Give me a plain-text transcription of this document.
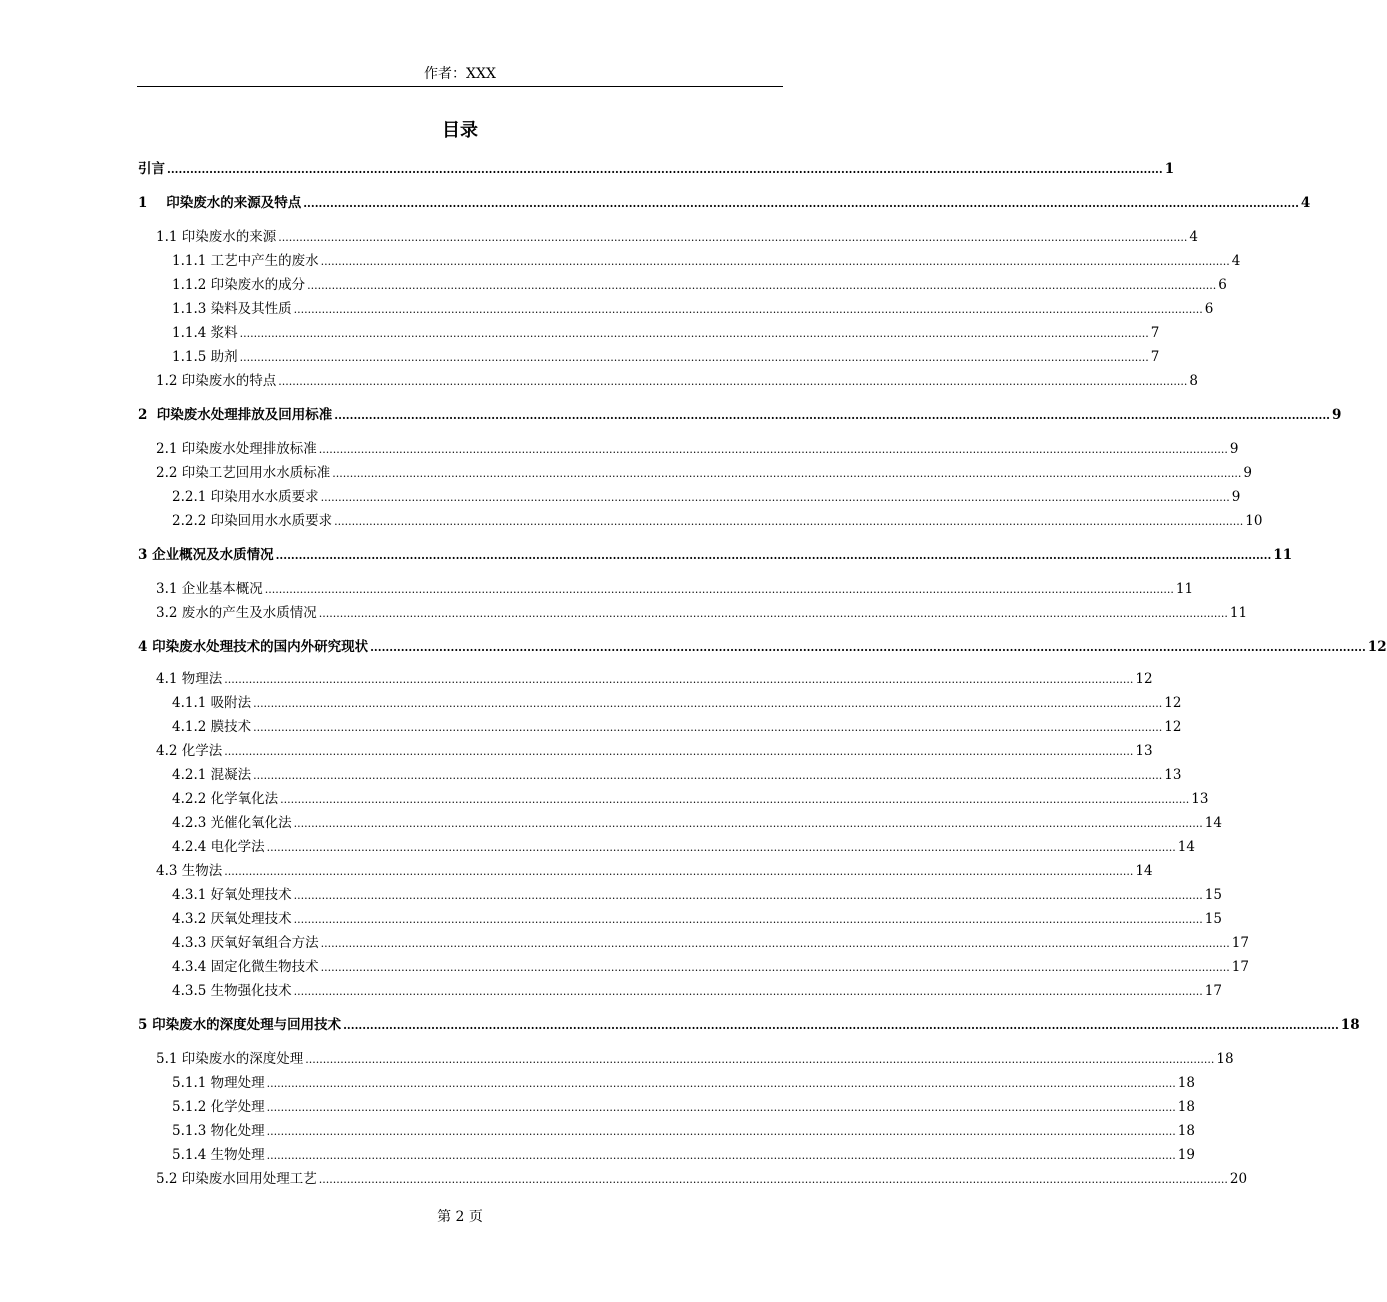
作者：XXX
目录
引言 .................................................................................................................................................................................................................................................................... 1
1    印染废水的来源及特点 .................................................................................................................................................................................................................................................................... 4
1.1 印染废水的来源 .................................................................................................................................................................................................................................................................... 4
1.1.1 工艺中产生的废水 .................................................................................................................................................................................................................................................................... 4
1.1.2 印染废水的成分 .................................................................................................................................................................................................................................................................... 6
1.1.3 染料及其性质 .................................................................................................................................................................................................................................................................... 6
1.1.4 浆料 .................................................................................................................................................................................................................................................................... 7
1.1.5 助剂 .................................................................................................................................................................................................................................................................... 7
1.2 印染废水的特点 .................................................................................................................................................................................................................................................................... 8
2  印染废水处理排放及回用标准 .................................................................................................................................................................................................................................................................... 9
2.1 印染废水处理排放标准 .................................................................................................................................................................................................................................................................... 9
2.2 印染工艺回用水水质标准 .................................................................................................................................................................................................................................................................... 9
2.2.1 印染用水水质要求 .................................................................................................................................................................................................................................................................... 9
2.2.2 印染回用水水质要求 .................................................................................................................................................................................................................................................................... 10
3 企业概况及水质情况 .................................................................................................................................................................................................................................................................... 11
3.1 企业基本概况 .................................................................................................................................................................................................................................................................... 11
3.2 废水的产生及水质情况 .................................................................................................................................................................................................................................................................... 11
4 印染废水处理技术的国内外研究现状 .................................................................................................................................................................................................................................................................... 12
4.1 物理法 .................................................................................................................................................................................................................................................................... 12
4.1.1 吸附法 .................................................................................................................................................................................................................................................................... 12
4.1.2 膜技术 .................................................................................................................................................................................................................................................................... 12
4.2 化学法 .................................................................................................................................................................................................................................................................... 13
4.2.1 混凝法 .................................................................................................................................................................................................................................................................... 13
4.2.2 化学氧化法 .................................................................................................................................................................................................................................................................... 13
4.2.3 光催化氧化法 .................................................................................................................................................................................................................................................................... 14
4.2.4 电化学法 .................................................................................................................................................................................................................................................................... 14
4.3 生物法 .................................................................................................................................................................................................................................................................... 14
4.3.1 好氧处理技术 .................................................................................................................................................................................................................................................................... 15
4.3.2 厌氧处理技术 .................................................................................................................................................................................................................................................................... 15
4.3.3 厌氧好氧组合方法 .................................................................................................................................................................................................................................................................... 17
4.3.4 固定化微生物技术 .................................................................................................................................................................................................................................................................... 17
4.3.5 生物强化技术 .................................................................................................................................................................................................................................................................... 17
5 印染废水的深度处理与回用技术 .................................................................................................................................................................................................................................................................... 18
5.1 印染废水的深度处理 .................................................................................................................................................................................................................................................................... 18
5.1.1 物理处理 .................................................................................................................................................................................................................................................................... 18
5.1.2 化学处理 .................................................................................................................................................................................................................................................................... 18
5.1.3 物化处理 .................................................................................................................................................................................................................................................................... 18
5.1.4 生物处理 .................................................................................................................................................................................................................................................................... 19
5.2 印染废水回用处理工艺 .................................................................................................................................................................................................................................................................... 20
第 2 页
